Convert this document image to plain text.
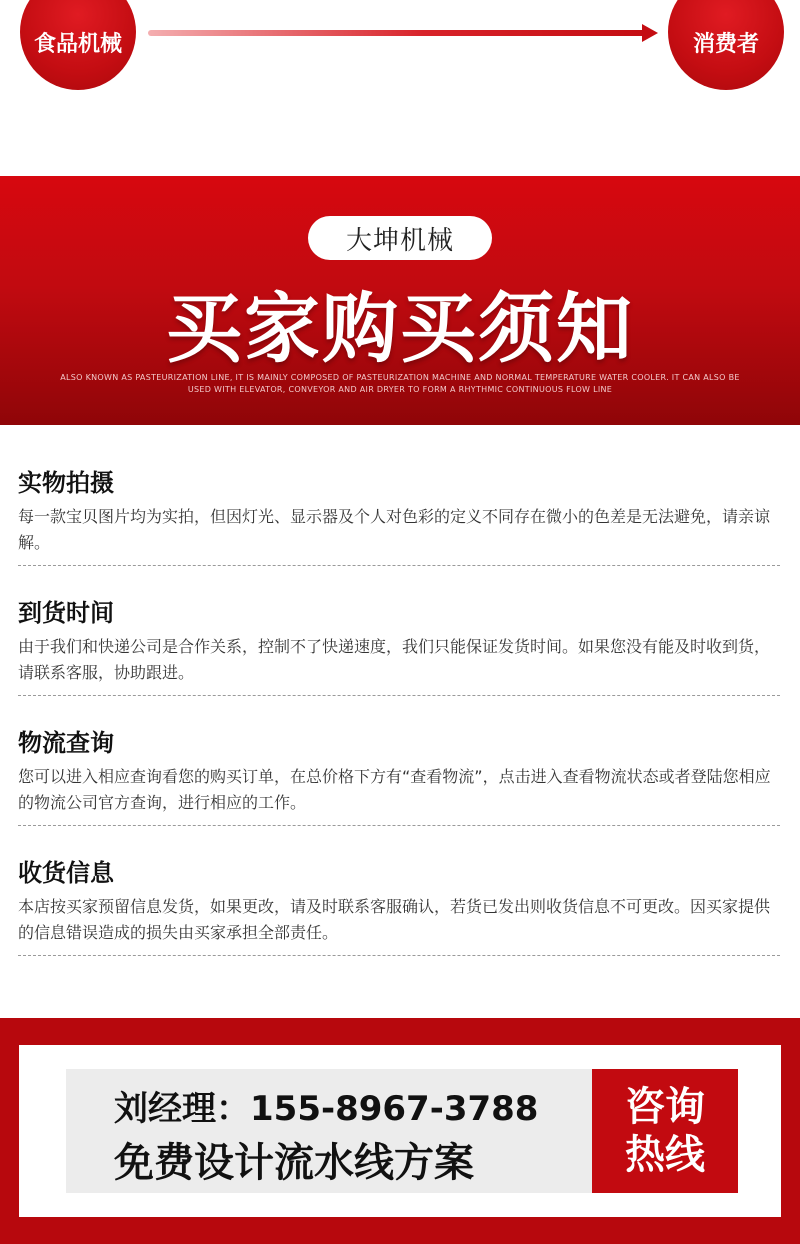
食品机械	消费者
大坤机械
买家购买须知
ALSO KNOWN AS PASTEURIZATION LINE, IT IS MAINLY COMPOSED OF PASTEURIZATION MACHINE AND NORMAL TEMPERATURE WATER COOLER. IT CAN ALSO BE USED WITH ELEVATOR, CONVEYOR AND AIR DRYER TO FORM A RHYTHMIC CONTINUOUS FLOW LINE
实物拍摄
每一款宝贝图片均为实拍，但因灯光、显示器及个人对色彩的定义不同存在微小的色差是无法避免，请亲谅解。
到货时间
由于我们和快递公司是合作关系，控制不了快递速度，我们只能保证发货时间。如果您没有能及时收到货，请联系客服，协助跟进。
物流查询
您可以进入相应查询看您的购买订单，在总价格下方有“查看物流”，点击进入查看物流状态或者登陆您相应的物流公司官方查询，进行相应的工作。
收货信息
本店按买家预留信息发货，如果更改，请及时联系客服确认，若货已发出则收货信息不可更改。因买家提供的信息错误造成的损失由买家承担全部责任。
刘经理：155-8967-3788
免费设计流水线方案
咨询
热线
